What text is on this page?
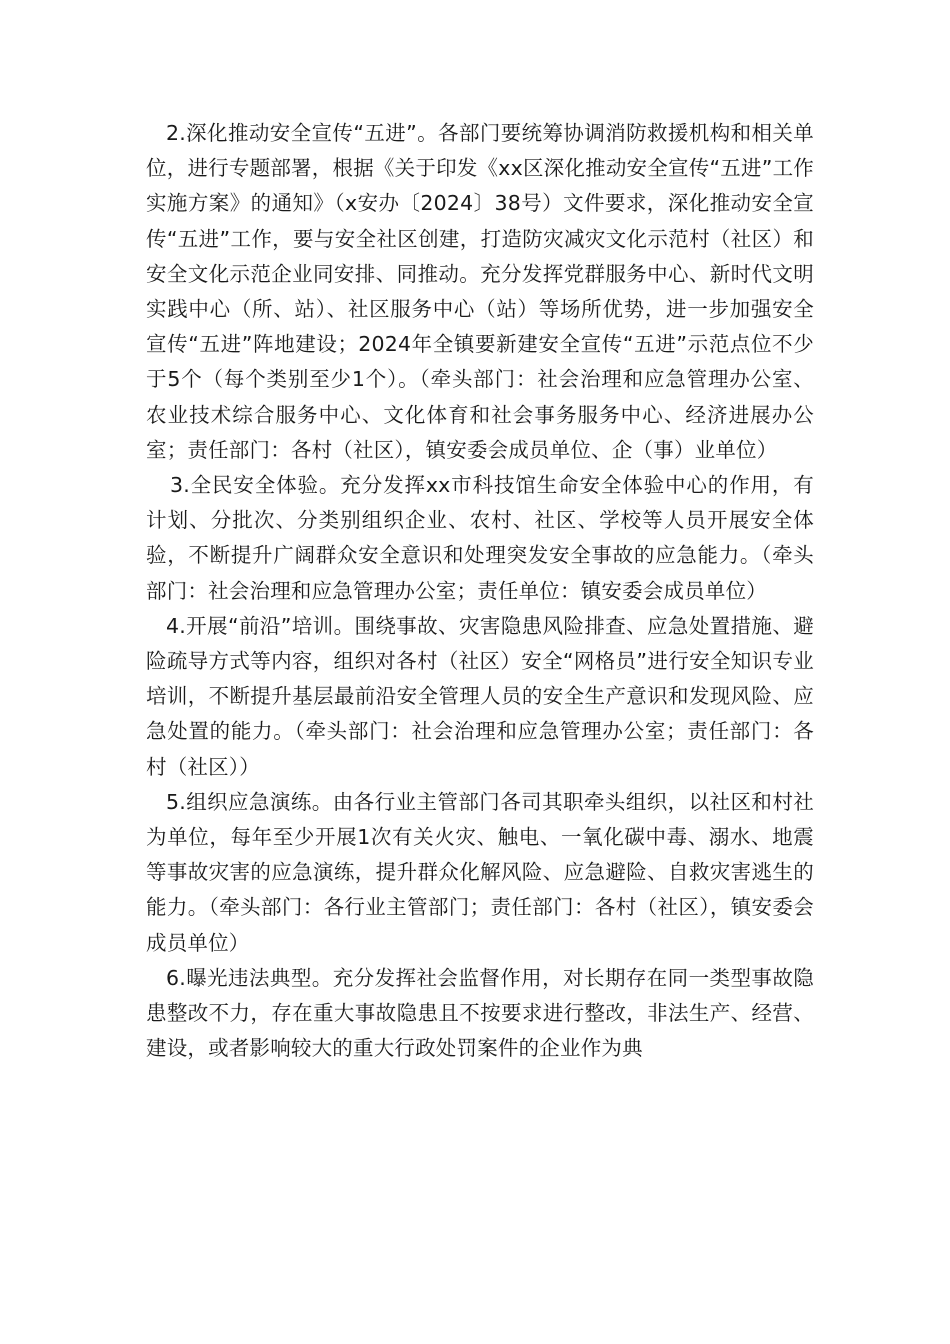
2.深化推动安全宣传“五进”。各部门要统筹协调消防救援机构和相关单位，进行专题部署，根据《关于印发《xx区深化推动安全宣传“五进”工作实施方案》的通知》（x安办〔2024〕38号）文件要求，深化推动安全宣传“五进”工作，要与安全社区创建，打造防灾减灾文化示范村（社区）和安全文化示范企业同安排、同推动。充分发挥党群服务中心、新时代文明实践中心（所、站）、社区服务中心（站）等场所优势，进一步加强安全宣传“五进”阵地建设；2024年全镇要新建安全宣传“五进”示范点位不少于5个（每个类别至少1个）。（牵头部门：社会治理和应急管理办公室、农业技术综合服务中心、文化体育和社会事务服务中心、经济进展办公室；责任部门：各村（社区），镇安委会成员单位、企（事）业单位）

3.全民安全体验。充分发挥xx市科技馆生命安全体验中心的作用，有计划、分批次、分类别组织企业、农村、社区、学校等人员开展安全体验，不断提升广阔群众安全意识和处理突发安全事故的应急能力。（牵头部门：社会治理和应急管理办公室；责任单位：镇安委会成员单位）

4.开展“前沿”培训。围绕事故、灾害隐患风险排查、应急处置措施、避险疏导方式等内容，组织对各村（社区）安全“网格员”进行安全知识专业培训，不断提升基层最前沿安全管理人员的安全生产意识和发现风险、应急处置的能力。（牵头部门：社会治理和应急管理办公室；责任部门：各村（社区））

5.组织应急演练。由各行业主管部门各司其职牵头组织，以社区和村社为单位，每年至少开展1次有关火灾、触电、一氧化碳中毒、溺水、地震等事故灾害的应急演练，提升群众化解风险、应急避险、自救灾害逃生的能力。（牵头部门：各行业主管部门；责任部门：各村（社区），镇安委会成员单位）

6.曝光违法典型。充分发挥社会监督作用，对长期存在同一类型事故隐患整改不力，存在重大事故隐患且不按要求进行整改，非法生产、经营、建设，或者影响较大的重大行政处罚案件的企业作为典
